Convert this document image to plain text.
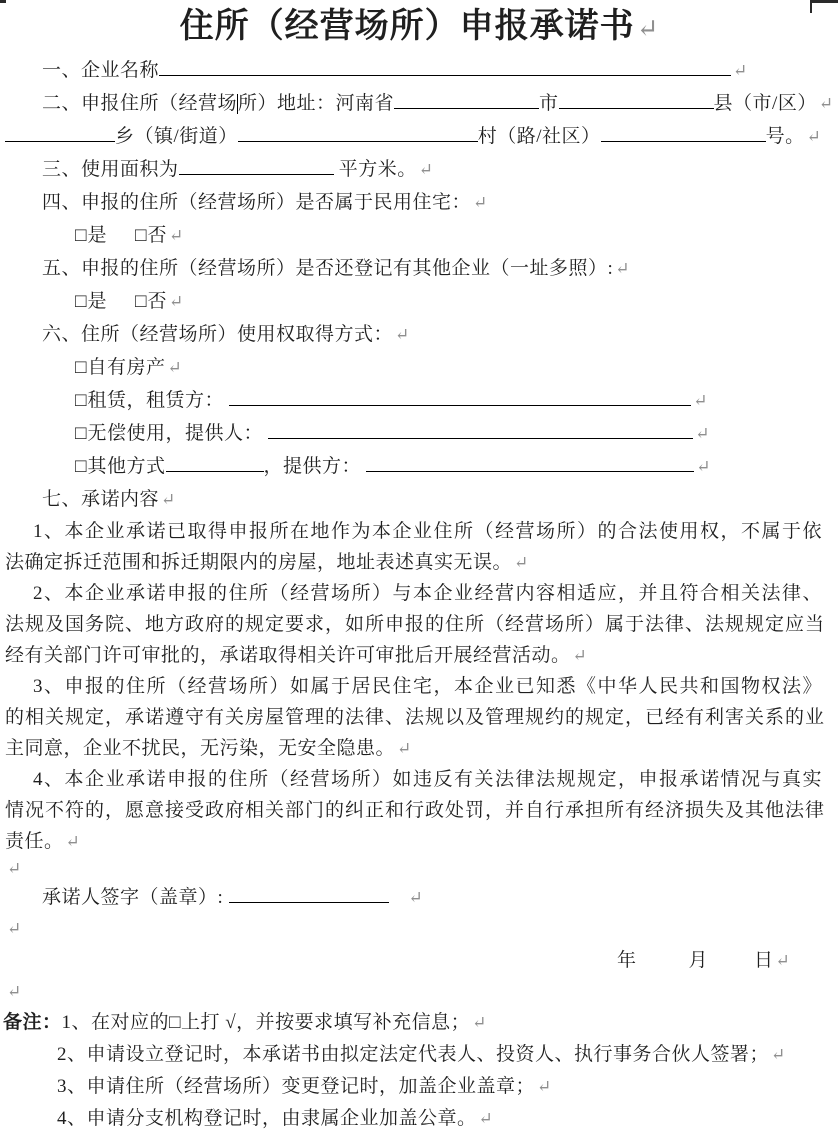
住所（经营场所）申报承诺书↵
一、企业名称	↵
二、申报住所（经营场所）地址：河南省	市	县（市/区） ↵
乡（镇/街道）	村（路/社区）	号。 ↵
三、使用面积为	平方米。 ↵
四、申报的住所（经营场所）是否属于民用住宅： ↵
□是 □否 ↵
五、申报的住所（经营场所）是否还登记有其他企业（一址多照）: ↵
□是 □否 ↵
六、住所（经营场所）使用权取得方式： ↵
□自有房产 ↵
□租赁，租赁方：	↵
□无偿使用，提供人：	↵
□其他方式	，提供方：	↵
七、承诺内容 ↵
1、本企业承诺已取得申报所在地作为本企业住所（经营场所）的合法使用权，不属于依
法确定拆迁范围和拆迁期限内的房屋，地址表述真实无误。 ↵
2、本企业承诺申报的住所（经营场所）与本企业经营内容相适应，并且符合相关法律、
法规及国务院、地方政府的规定要求，如所申报的住所（经营场所）属于法律、法规规定应当
经有关部门许可审批的，承诺取得相关许可审批后开展经营活动。 ↵
3、申报的住所（经营场所）如属于居民住宅，本企业已知悉《中华人民共和国物权法》
的相关规定，承诺遵守有关房屋管理的法律、法规以及管理规约的规定，已经有利害关系的业
主同意，企业不扰民，无污染，无安全隐患。 ↵
4、本企业承诺申报的住所（经营场所）如违反有关法律法规规定，申报承诺情况与真实
情况不符的，愿意接受政府相关部门的纠正和行政处罚，并自行承担所有经济损失及其他法律
责任。 ↵
↵
承诺人签字（盖章）:	↵
↵
年	月 日 ↵
↵
备注：1、在对应的□上打 √，并按要求填写补充信息； ↵
2、申请设立登记时，本承诺书由拟定法定代表人、投资人、执行事务合伙人签署； ↵
3、申请住所（经营场所）变更登记时，加盖企业盖章； ↵
4、申请分支机构登记时，由隶属企业加盖公章。 ↵
